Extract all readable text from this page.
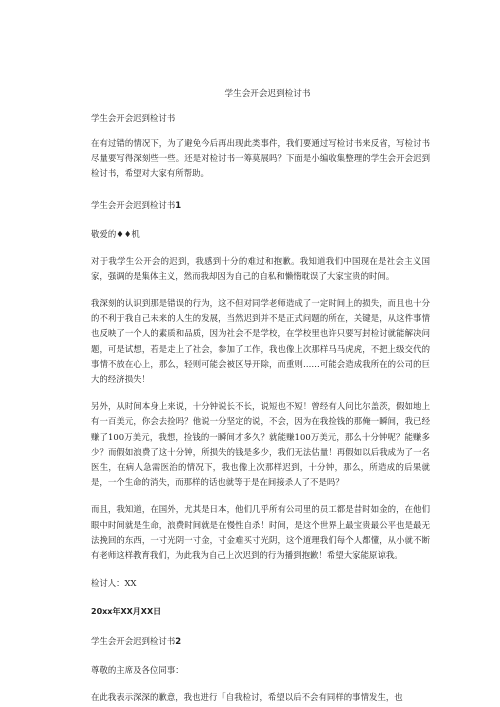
学生会开会迟到检讨书
学生会开会迟到检讨书

在有过错的情况下，为了避免今后再出现此类事件，我们要通过写检讨书来反省，写检讨书尽量要写得深刻些一些。还是对检讨书一筹莫展吗？下面是小编收集整理的学生会开会迟到检讨书，希望对大家有所帮助。

学生会开会迟到检讨书1
敬爱的♦♦机

对于我学生公开会的迟到，我感到十分的难过和抱歉。我知道我们中国现在是社会主义国家，强调的是集体主义，然而我却因为自己的自私和懒惰耽误了大家宝贵的时间。

我深刻的认识到那是错误的行为，这不但对同学老师造成了一定时间上的损失，而且也十分的不利于我自己未来的人生的发展，当然迟到并不是正式问题的所在，关键是，从这件事情也反映了一个人的素质和品质，因为社会不是学校，在学校里也许只要写封检讨就能解决问题，可是试想，若是走上了社会，参加了工作，我也像上次那样马马虎虎，不把上级交代的事情不放在心上，那么，轻则可能会被区导开除，而重则……可能会造成我所在的公司的巨大的经济损失！

另外，从时间本身上来说，十分钟说长不长，说短也不短！曾经有人问比尔盖茨，假如地上有一百美元，你会去捡吗？他说一分坚定的说，不会，因为在我捡钱的那俺一瞬间，我已经赚了100万美元，我想，捡钱的一瞬间才多久？就能赚100万美元，那么十分钟呢？能赚多少？而假如浪费了这十分钟，所损失的钱是多少，我们无法估量！再假如以后我成为了一名医生，在病人急需医治的情况下，我也像上次那样迟到，十分钟，那么，所造成的后果就是，一个生命的消失，而那样的话也就等于是在间接杀人了不是吗？

而且，我知道，在国外，尤其是日本，他们几乎所有公司里的员工都是昔时如金的，在他们眼中时间就是生命，浪费时间就是在慢性自杀！时间，是这个世界上最宝贵最公平也是最无法挽回的东西，一寸光阴一寸金，寸金难买寸光阴，这个道理我们每个人都懂，从小就不断有老师这样教育我们，为此我为自己上次迟到的行为播到抱歉！希望大家能原谅我。

检讨人：XX
20xx年XX月XX日
学生会开会迟到检讨书2
尊敬的主席及各位同事：

在此我表示深深的歉意，我也进行「自我检讨，希望以后不会有同样的事情发生，也
